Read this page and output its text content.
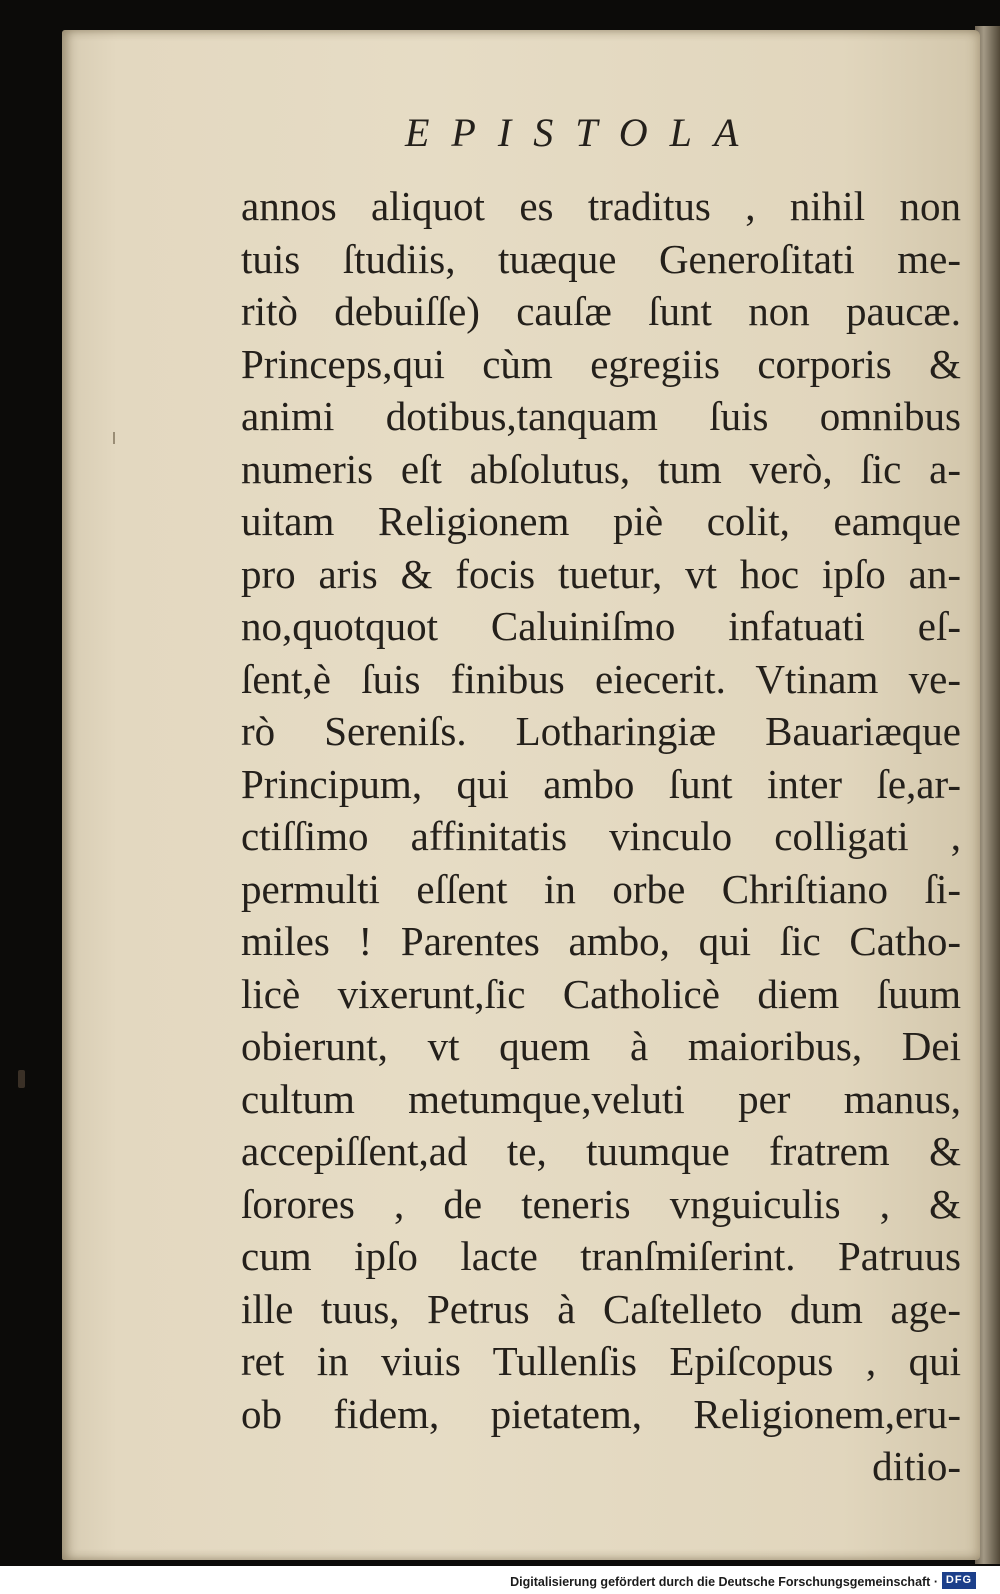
EPISTOLA
annos aliquot es traditus , nihil non
tuis ſtudiis, tuæque Generoſitati me-
ritò debuiſſe) cauſæ ſunt non paucæ.
Princeps,qui cùm egregiis corporis &
animi dotibus,tanquam ſuis omnibus
numeris eſt abſolutus, tum verò, ſic a-
uitam Religionem piè colit, eamque
pro aris & focis tuetur, vt hoc ipſo an-
no,quotquot Caluiniſmo infatuati eſ-
ſent,è ſuis finibus eiecerit. Vtinam ve-
rò Sereniſs. Lotharingiæ Bauariæque
Principum, qui ambo ſunt inter ſe,ar-
ctiſſimo affinitatis vinculo colligati ,
permulti eſſent in orbe Chriſtiano ſi-
miles ! Parentes ambo, qui ſic Catho-
licè vixerunt,ſic Catholicè diem ſuum
obierunt, vt quem à maioribus, Dei
cultum metumque,veluti per manus,
accepiſſent,ad te, tuumque fratrem &
ſorores , de teneris vnguiculis , &
cum ipſo lacte tranſmiſerint. Patruus
ille tuus, Petrus à Caſtelleto dum age-
ret in viuis Tullenſis Epiſcopus , qui
ob fidem, pietatem, Religionem,eru-
ditio-
Digitalisierung gefördert durch die Deutsche Forschungsgemeinschaft · DFG
